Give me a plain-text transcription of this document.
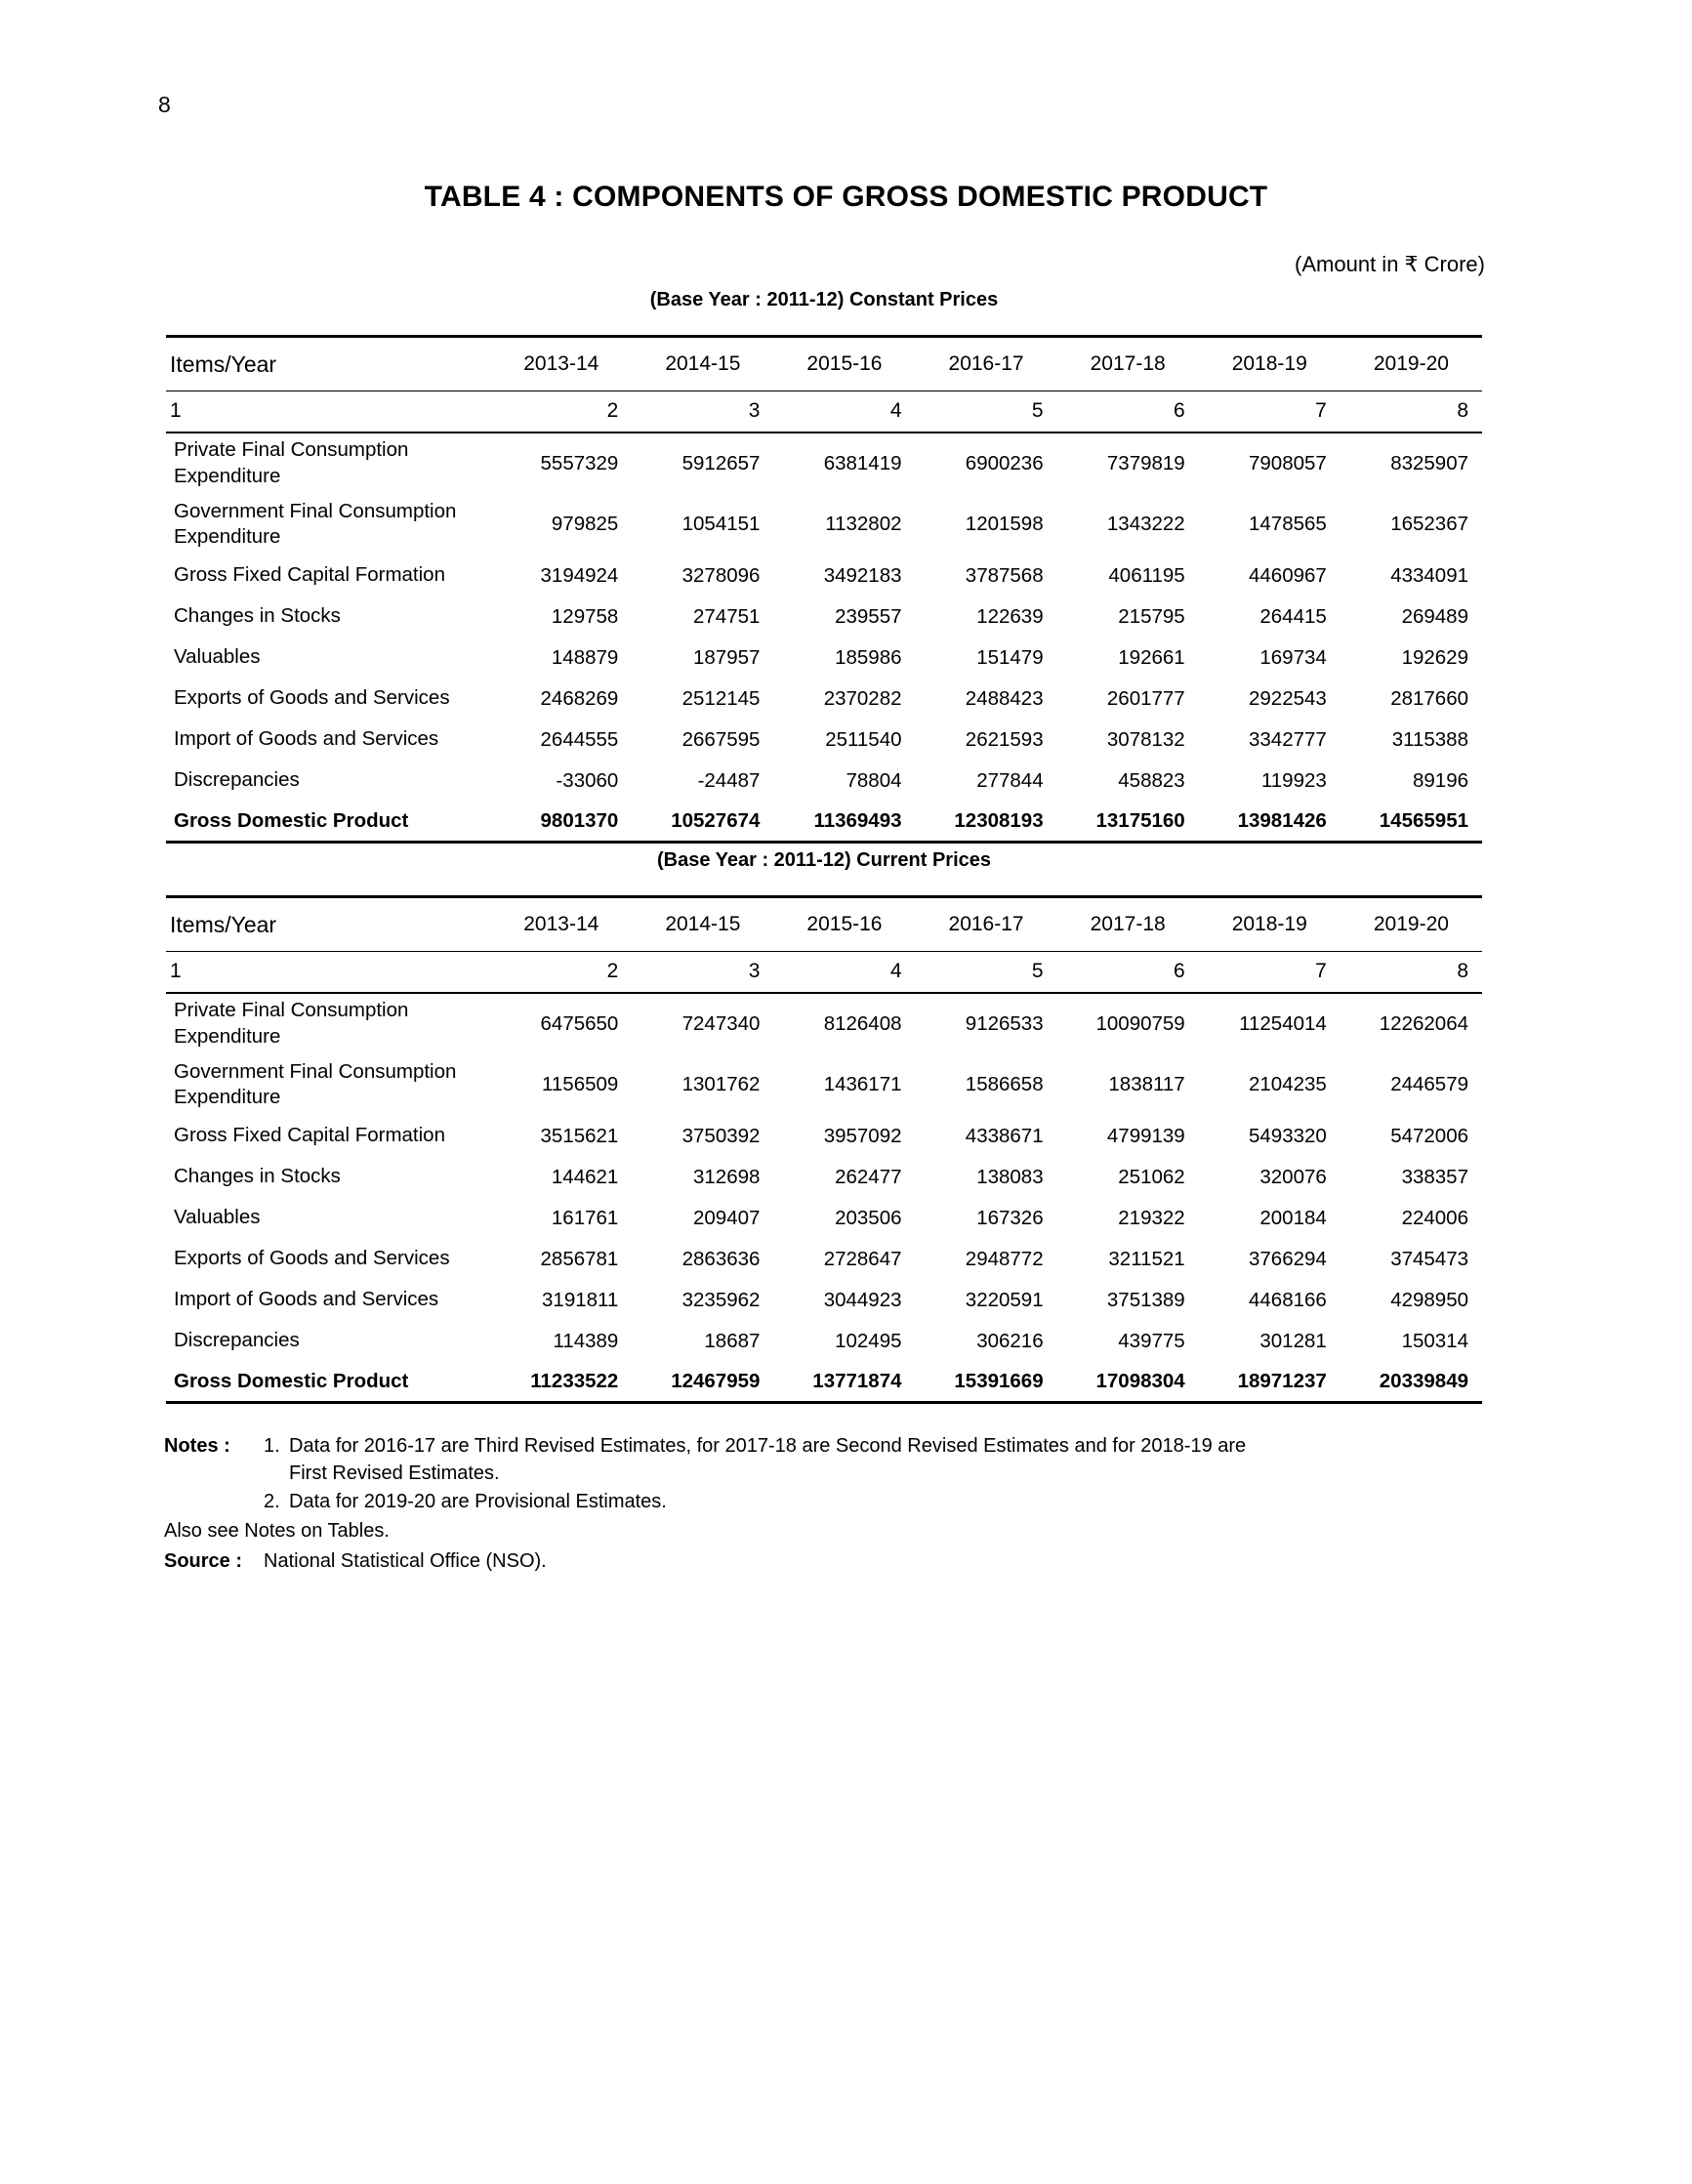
8
TABLE 4 : COMPONENTS OF GROSS DOMESTIC PRODUCT
(Amount in ₹ Crore)
(Base Year : 2011-12) Constant Prices
Items/Year	2013-14	2014-15	2015-16	2016-17	2017-18	2018-19	2019-20
1	2	3	4	5	6	7	8
Private Final Consumption Expenditure	5557329	5912657	6381419	6900236	7379819	7908057	8325907
Government Final Consumption Expenditure	979825	1054151	1132802	1201598	1343222	1478565	1652367
Gross Fixed Capital Formation	3194924	3278096	3492183	3787568	4061195	4460967	4334091
Changes in Stocks	129758	274751	239557	122639	215795	264415	269489
Valuables	148879	187957	185986	151479	192661	169734	192629
Exports of Goods and Services	2468269	2512145	2370282	2488423	2601777	2922543	2817660
Import of Goods and Services	2644555	2667595	2511540	2621593	3078132	3342777	3115388
Discrepancies	-33060	-24487	78804	277844	458823	119923	89196
Gross Domestic Product	9801370	10527674	11369493	12308193	13175160	13981426	14565951
(Base Year : 2011-12) Current Prices
Items/Year	2013-14	2014-15	2015-16	2016-17	2017-18	2018-19	2019-20
1	2	3	4	5	6	7	8
Private Final Consumption Expenditure	6475650	7247340	8126408	9126533	10090759	11254014	12262064
Government Final Consumption Expenditure	1156509	1301762	1436171	1586658	1838117	2104235	2446579
Gross Fixed Capital Formation	3515621	3750392	3957092	4338671	4799139	5493320	5472006
Changes in Stocks	144621	312698	262477	138083	251062	320076	338357
Valuables	161761	209407	203506	167326	219322	200184	224006
Exports of Goods and Services	2856781	2863636	2728647	2948772	3211521	3766294	3745473
Import of Goods and Services	3191811	3235962	3044923	3220591	3751389	4468166	4298950
Discrepancies	114389	18687	102495	306216	439775	301281	150314
Gross Domestic Product	11233522	12467959	13771874	15391669	17098304	18971237	20339849
Notes :	1. Data for 2016-17 are Third Revised Estimates, for 2017-18 are Second Revised Estimates and for 2018-19 are
First Revised Estimates.
2. Data for 2019-20 are Provisional Estimates.
Also see Notes on Tables.
Source :	National Statistical Office (NSO).
